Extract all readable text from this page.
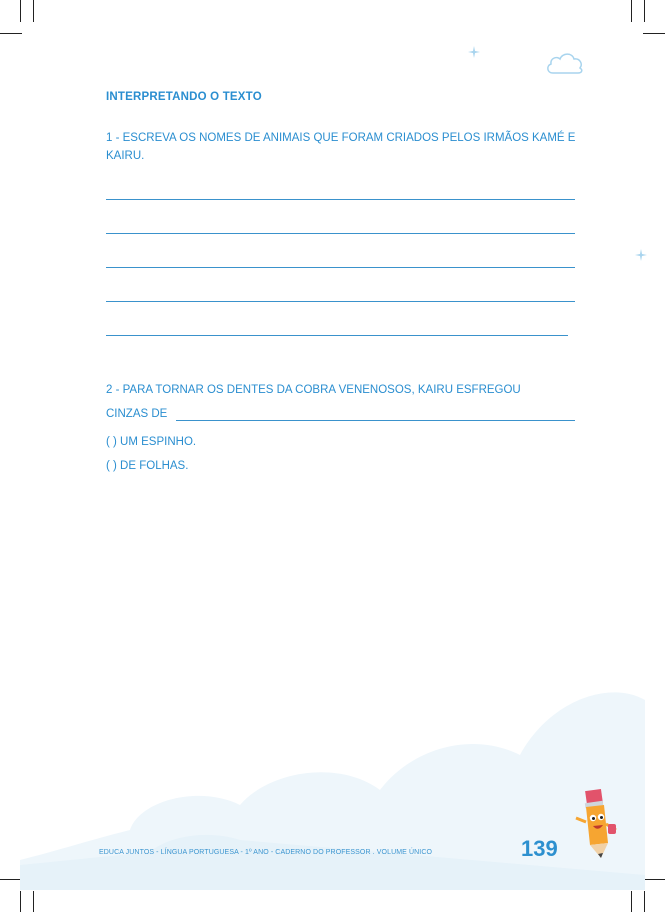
INTERPRETANDO O TEXTO
1 - ESCREVA OS NOMES DE ANIMAIS QUE FORAM CRIADOS PELOS IRMÃOS KAMÉ E KAIRU.
2 - PARA TORNAR OS DENTES DA COBRA VENENOSOS, KAIRU ESFREGOU
CINZAS DE
( ) UM ESPINHO.
( ) DE FOLHAS.
EDUCA JUNTOS - LÍNGUA PORTUGUESA - 1º ANO - CADERNO DO PROFESSOR . VOLUME ÚNICO	139
